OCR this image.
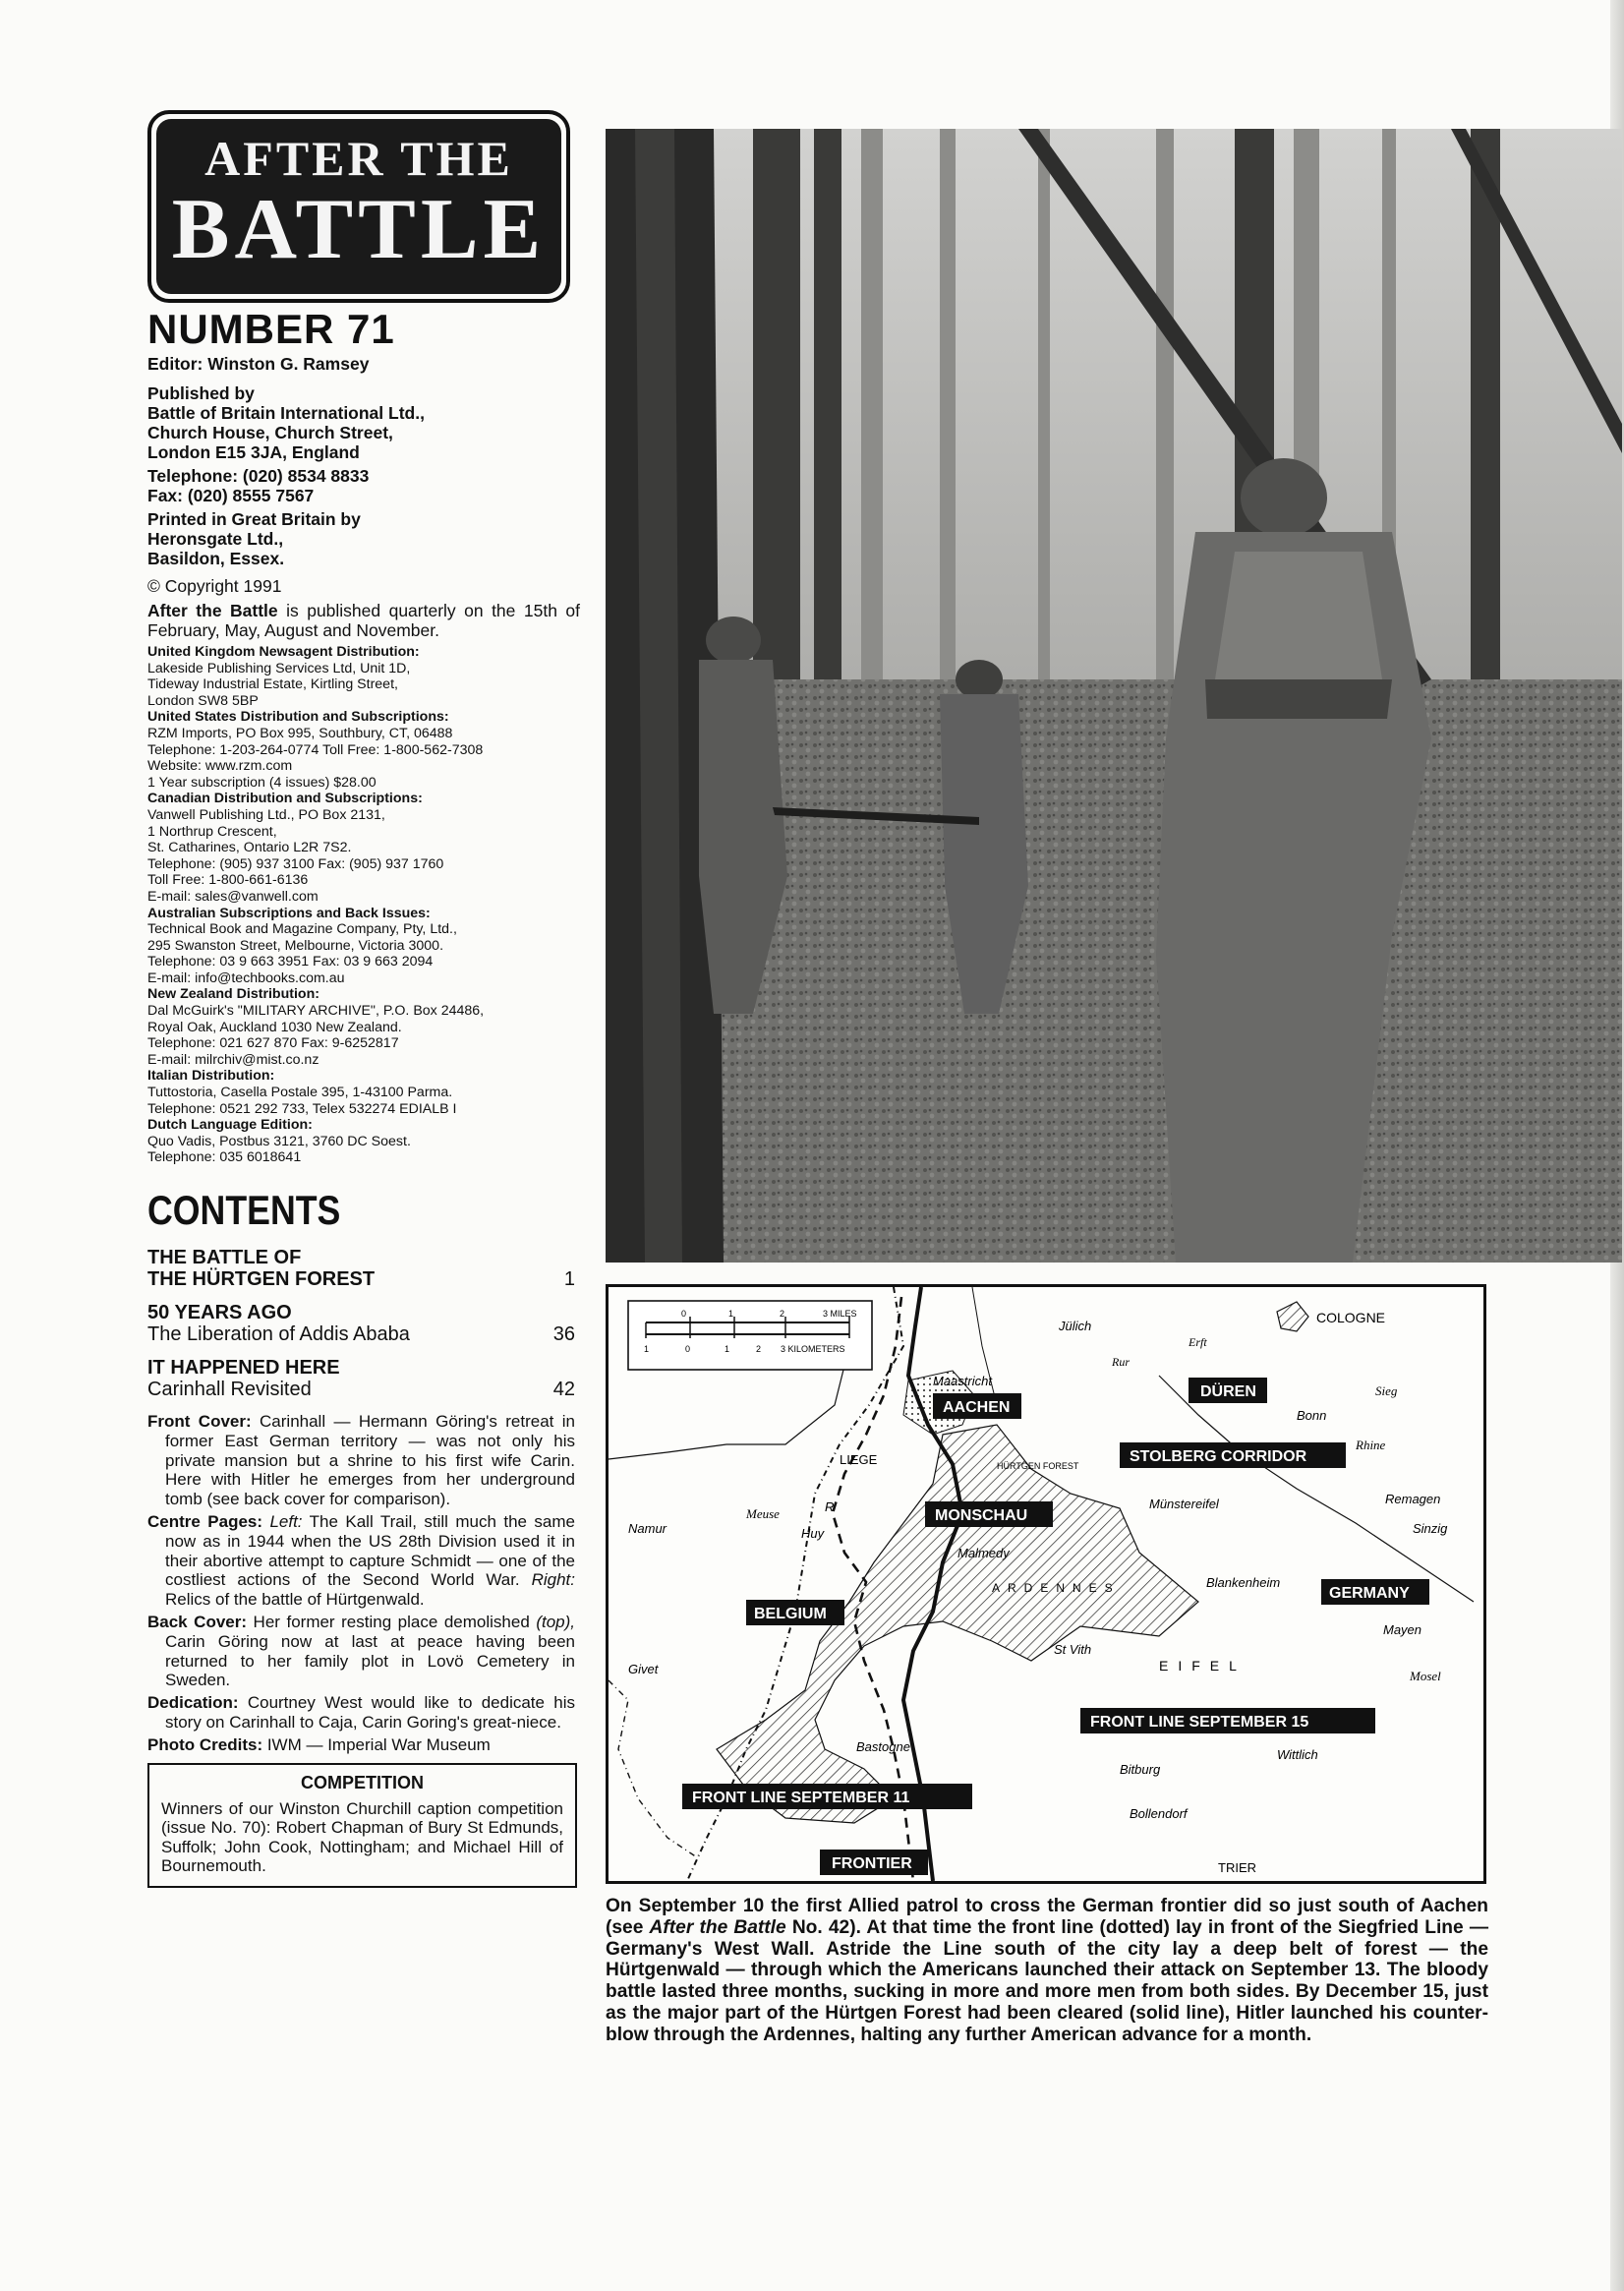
AFTER THE
BATTLE
NUMBER 71
Editor: Winston G. Ramsey
Published by
Battle of Britain International Ltd.,
Church House, Church Street,
London E15 3JA, England
Telephone: (020) 8534 8833
Fax: (020) 8555 7567
Printed in Great Britain by
Heronsgate Ltd.,
Basildon, Essex.
© Copyright 1991
After the Battle is published quarterly on the 15th of February, May, August and November.
United Kingdom Newsagent Distribution:
Lakeside Publishing Services Ltd, Unit 1D,
Tideway Industrial Estate, Kirtling Street,
London SW8 5BP
United States Distribution and Subscriptions:
RZM Imports, PO Box 995, Southbury, CT, 06488
Telephone: 1-203-264-0774 Toll Free: 1-800-562-7308
Website: www.rzm.com
1 Year subscription (4 issues) $28.00
Canadian Distribution and Subscriptions:
Vanwell Publishing Ltd., PO Box 2131,
1 Northrup Crescent,
St. Catharines, Ontario L2R 7S2.
Telephone: (905) 937 3100 Fax: (905) 937 1760
Toll Free: 1-800-661-6136
E-mail: sales@vanwell.com
Australian Subscriptions and Back Issues:
Technical Book and Magazine Company, Pty, Ltd.,
295 Swanston Street, Melbourne, Victoria 3000.
Telephone: 03 9 663 3951 Fax: 03 9 663 2094
E-mail: info@techbooks.com.au
New Zealand Distribution:
Dal McGuirk's "MILITARY ARCHIVE", P.O. Box 24486,
Royal Oak, Auckland 1030 New Zealand.
Telephone: 021 627 870 Fax: 9-6252817
E-mail: milrchiv@mist.co.nz
Italian Distribution:
Tuttostoria, Casella Postale 395, 1-43100 Parma.
Telephone: 0521 292 733, Telex 532274 EDIALB I
Dutch Language Edition:
Quo Vadis, Postbus 3121, 3760 DC Soest.
Telephone: 035 6018641
CONTENTS
THE BATTLE OF
THE HÜRTGEN FOREST	1
50 YEARS AGO
The Liberation of Addis Ababa	36
IT HAPPENED HERE
Carinhall Revisited	42
Front Cover: Carinhall — Hermann Göring's retreat in former East German territory — was not only his private mansion but a shrine to his first wife Carin. Here with Hitler he emerges from her underground tomb (see back cover for comparison).
Centre Pages: Left: The Kall Trail, still much the same now as in 1944 when the US 28th Division used it in their abortive attempt to capture Schmidt — one of the costliest actions of the Second World War. Right: Relics of the battle of Hürtgenwald.
Back Cover: Her former resting place demolished (top), Carin Göring now at last at peace having been returned to her family plot in Lovö Cemetery in Sweden.
Dedication: Courtney West would like to dedicate his story on Carinhall to Caja, Carin Goring's great-niece.
Photo Credits: IWM — Imperial War Museum
COMPETITION
Winners of our Winston Churchill caption competition (issue No. 70): Robert Chapman of Bury St Edmunds, Suffolk; John Cook, Nottingham; and Michael Hill of Bournemouth.
0	1	2	3 MILES
1	0	1	2 3 KILOMETERS
Jülich
COLOGNE
Maastricht
Bonn
LIEGE	HÜRTGEN FOREST
Münstereifel	Remagen
Namur
Meuse	R
Huy
Malmedy
Blankenheim
Sinzig
Mayen
St Vith
Givet
Bastogne
Wittlich
Bitburg
Bollendorf
TRIER
Rur
Erft
Sieg
Rhine
Mosel
EIFEL
ARDENNES
AACHEN
DÜREN
STOLBERG CORRIDOR
MONSCHAU
BELGIUM
GERMANY
FRONT LINE SEPTEMBER 15
FRONT LINE SEPTEMBER 11
FRONTIER
On September 10 the first Allied patrol to cross the German frontier did so just south of Aachen (see After the Battle No. 42). At that time the front line (dotted) lay in front of the Siegfried Line — Germany's West Wall. Astride the Line south of the city lay a deep belt of forest — the Hürtgenwald — through which the Americans launched their attack on September 13. The bloody battle lasted three months, sucking in more and more men from both sides. By December 15, just as the major part of the Hürtgen Forest had been cleared (solid line), Hitler launched his counter-blow through the Ardennes, halting any further American advance for a month.
